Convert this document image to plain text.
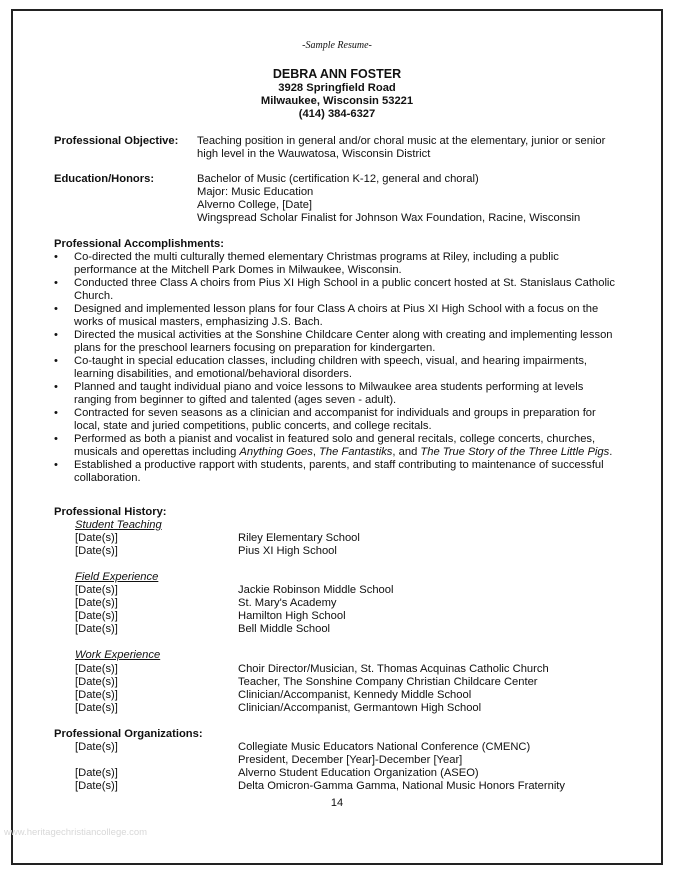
-Sample Resume-
DEBRA ANN FOSTER
3928 Springfield Road
Milwaukee, Wisconsin 53221
(414) 384-6327
Professional Objective: Teaching position in general and/or choral music at the elementary, junior or senior
high level in the Wauwatosa, Wisconsin District
Education/Honors:	Bachelor of Music (certification K-12, general and choral)
Major: Music Education
Alverno College, [Date]
Wingspread Scholar Finalist for Johnson Wax Foundation, Racine, Wisconsin
Professional Accomplishments:
• Co-directed the multi culturally themed elementary Christmas programs at Riley, including a public
performance at the Mitchell Park Domes in Milwaukee, Wisconsin.
• Conducted three Class A choirs from Pius XI High School in a public concert hosted at St. Stanislaus Catholic
Church.
• Designed and implemented lesson plans for four Class A choirs at Pius XI High School with a focus on the
works of musical masters, emphasizing J.S. Bach.
• Directed the musical activities at the Sonshine Childcare Center along with creating and implementing lesson
plans for the preschool learners focusing on preparation for kindergarten.
• Co-taught in special education classes, including children with speech, visual, and hearing impairments,
learning disabilities, and emotional/behavioral disorders.
• Planned and taught individual piano and voice lessons to Milwaukee area students performing at levels
ranging from beginner to gifted and talented (ages seven - adult).
• Contracted for seven seasons as a clinician and accompanist for individuals and groups in preparation for
local, state and juried competitions, public concerts, and college recitals.
• Performed as both a pianist and vocalist in featured solo and general recitals, college concerts, churches,
musicals and operettas including Anything Goes, The Fantastiks, and The True Story of the Three Little Pigs.
• Established a productive rapport with students, parents, and staff contributing to maintenance of successful
collaboration.
Professional History:
Student Teaching
[Date(s)]	Riley Elementary School
[Date(s)]	Pius XI High School
Field Experience
[Date(s)]	Jackie Robinson Middle School
[Date(s)]	St. Mary's Academy
[Date(s)]	Hamilton High School
[Date(s)]	Bell Middle School
Work Experience
[Date(s)]	Choir Director/Musician, St. Thomas Acquinas Catholic Church
[Date(s)]	Teacher, The Sonshine Company Christian Childcare Center
[Date(s)]	Clinician/Accompanist, Kennedy Middle School
[Date(s)]	Clinician/Accompanist, Germantown High School
Professional Organizations:
[Date(s)]	Collegiate Music Educators National Conference (CMENC)
President, December [Year]-December [Year]
[Date(s)]	Alverno Student Education Organization (ASEO)
[Date(s)]	Delta Omicron-Gamma Gamma, National Music Honors Fraternity
14
www.heritagechristiancollege.com
